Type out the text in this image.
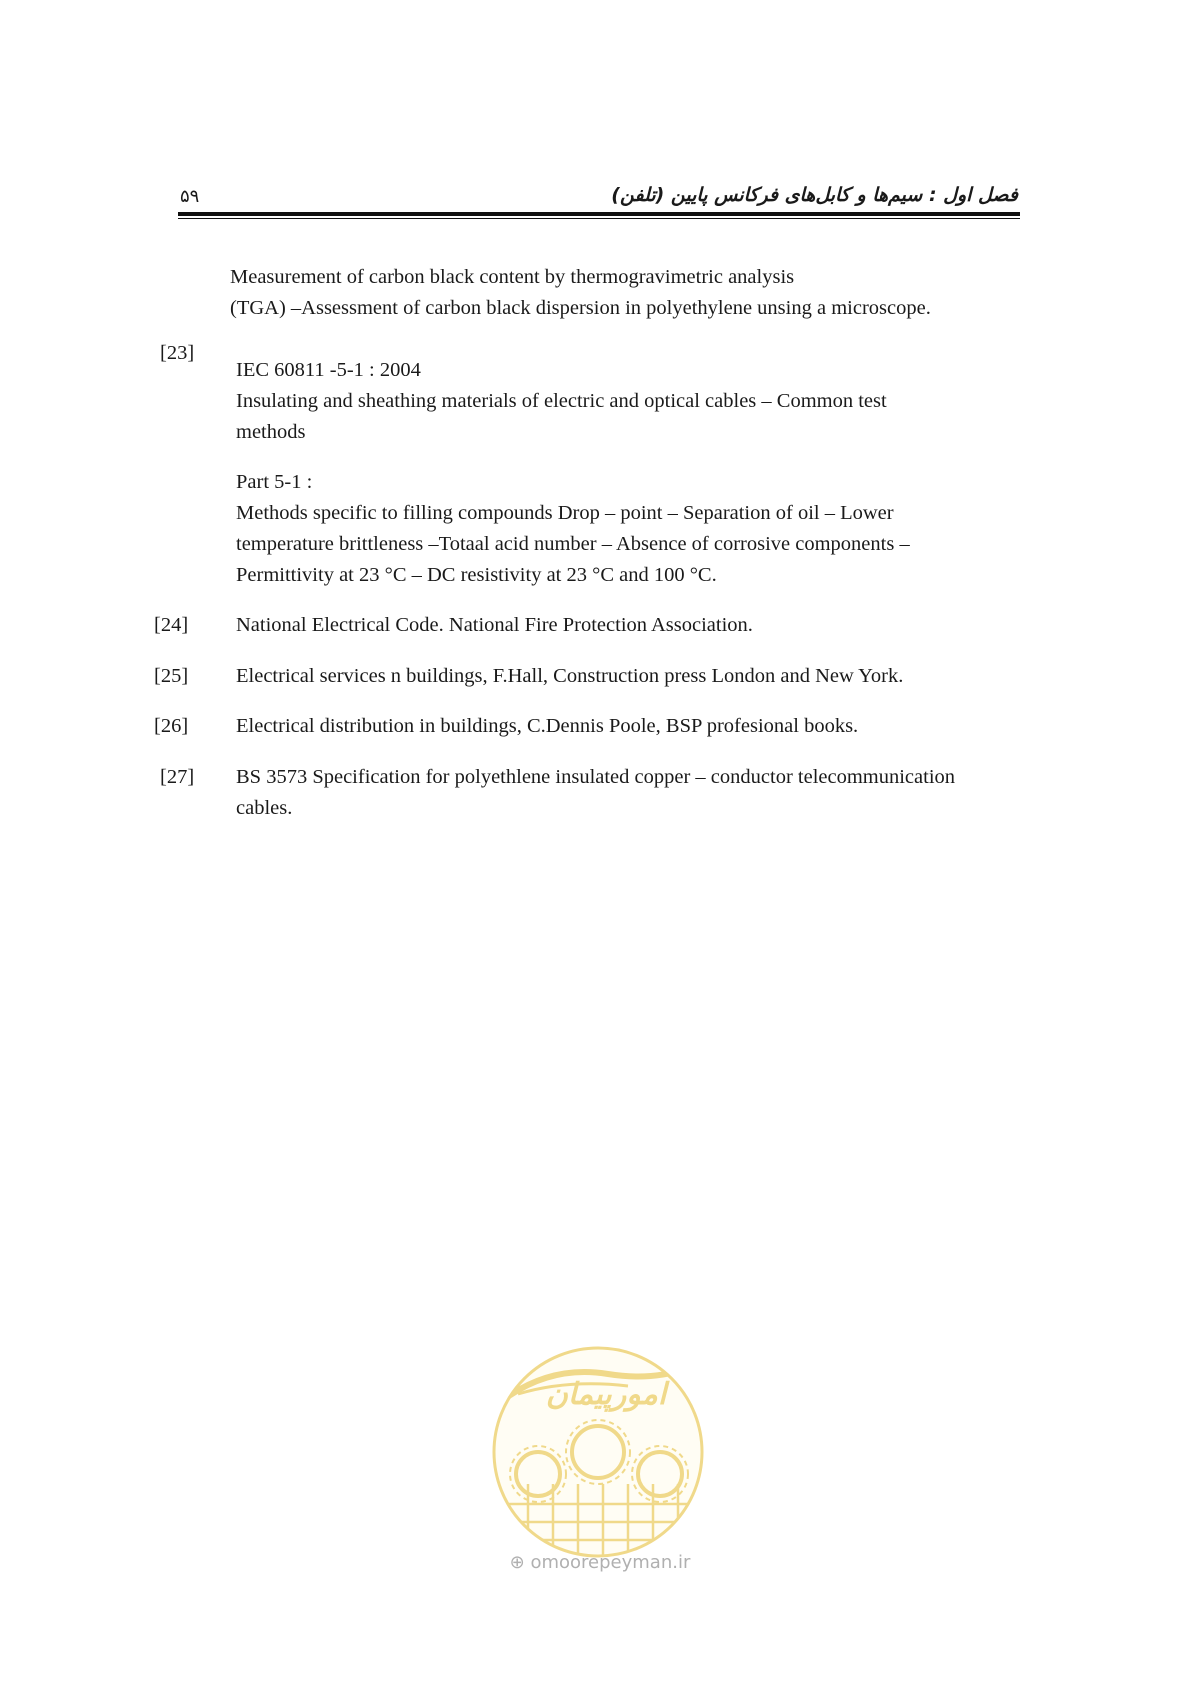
۵۹	فصل اول : سیم‌ها و کابل‌های فرکانس پایین (تلفن)

Measurement of carbon black content by thermogravimetric analysis

(TGA) –Assessment of carbon black dispersion in polyethylene unsing a microscope.

[23]

IEC 60811 -5-1 : 2004

Insulating and sheathing materials of electric and optical cables – Common test

methods

Part 5-1 :

Methods specific to filling compounds Drop – point – Separation of oil – Lower

temperature brittleness –Totaal acid number – Absence of corrosive components –

Permittivity at 23 °C – DC resistivity at 23 °C and 100 °C.

[24] National Electrical Code. National Fire Protection Association.

[25] Electrical services n buildings, F.Hall, Construction press London and New York.

[26] Electrical distribution in buildings, C.Dennis Poole, BSP profesional books.

[27] BS 3573 Specification for polyethlene insulated copper – conductor telecommunication

cables.

امورپیمان
⊕ omoorepeyman.ir
